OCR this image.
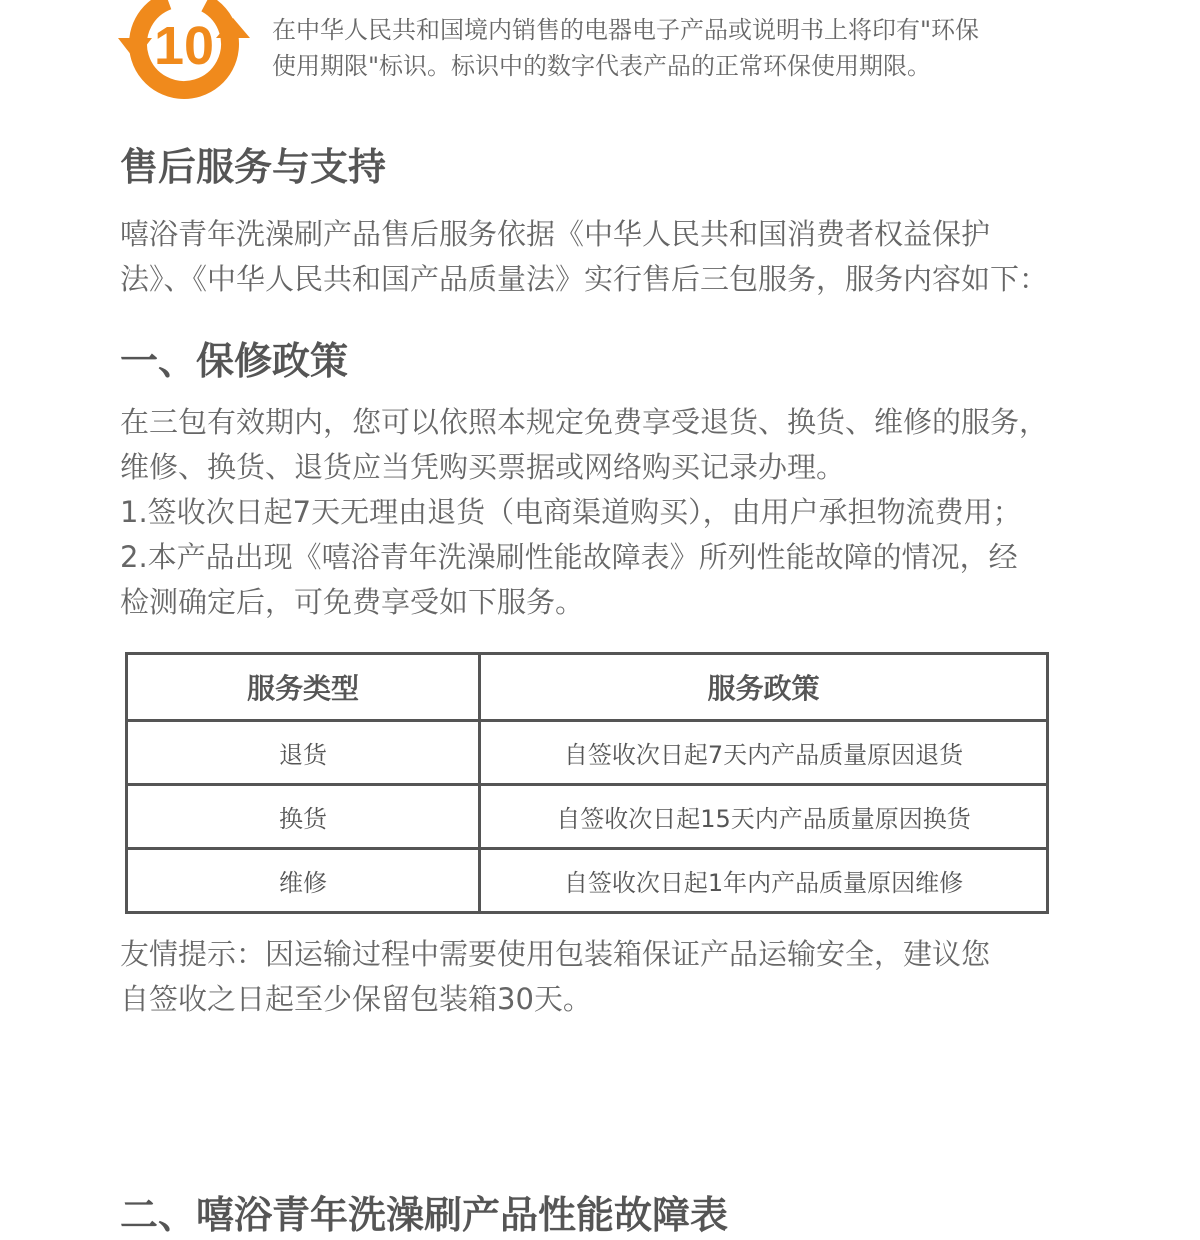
10 在中华人民共和国境内销售的电器电子产品或说明书上将印有"环保
使用期限"标识。标识中的数字代表产品的正常环保使用期限。
售后服务与支持
嘻浴青年洗澡刷产品售后服务依据《中华人民共和国消费者权益保护
法》、《中华人民共和国产品质量法》实行售后三包服务，服务内容如下：
一、保修政策
在三包有效期内，您可以依照本规定免费享受退货、换货、维修的服务，
维修、换货、退货应当凭购买票据或网络购买记录办理。
1.签收次日起7天无理由退货（电商渠道购买），由用户承担物流费用；
2.本产品出现《嘻浴青年洗澡刷性能故障表》所列性能故障的情况，经
检测确定后，可免费享受如下服务。
服务类型	服务政策
退货	自签收次日起7天内产品质量原因退货
换货	自签收次日起15天内产品质量原因换货
维修	自签收次日起1年内产品质量原因维修
友情提示：因运输过程中需要使用包装箱保证产品运输安全，建议您
自签收之日起至少保留包装箱30天。
二、嘻浴青年洗澡刷产品性能故障表
